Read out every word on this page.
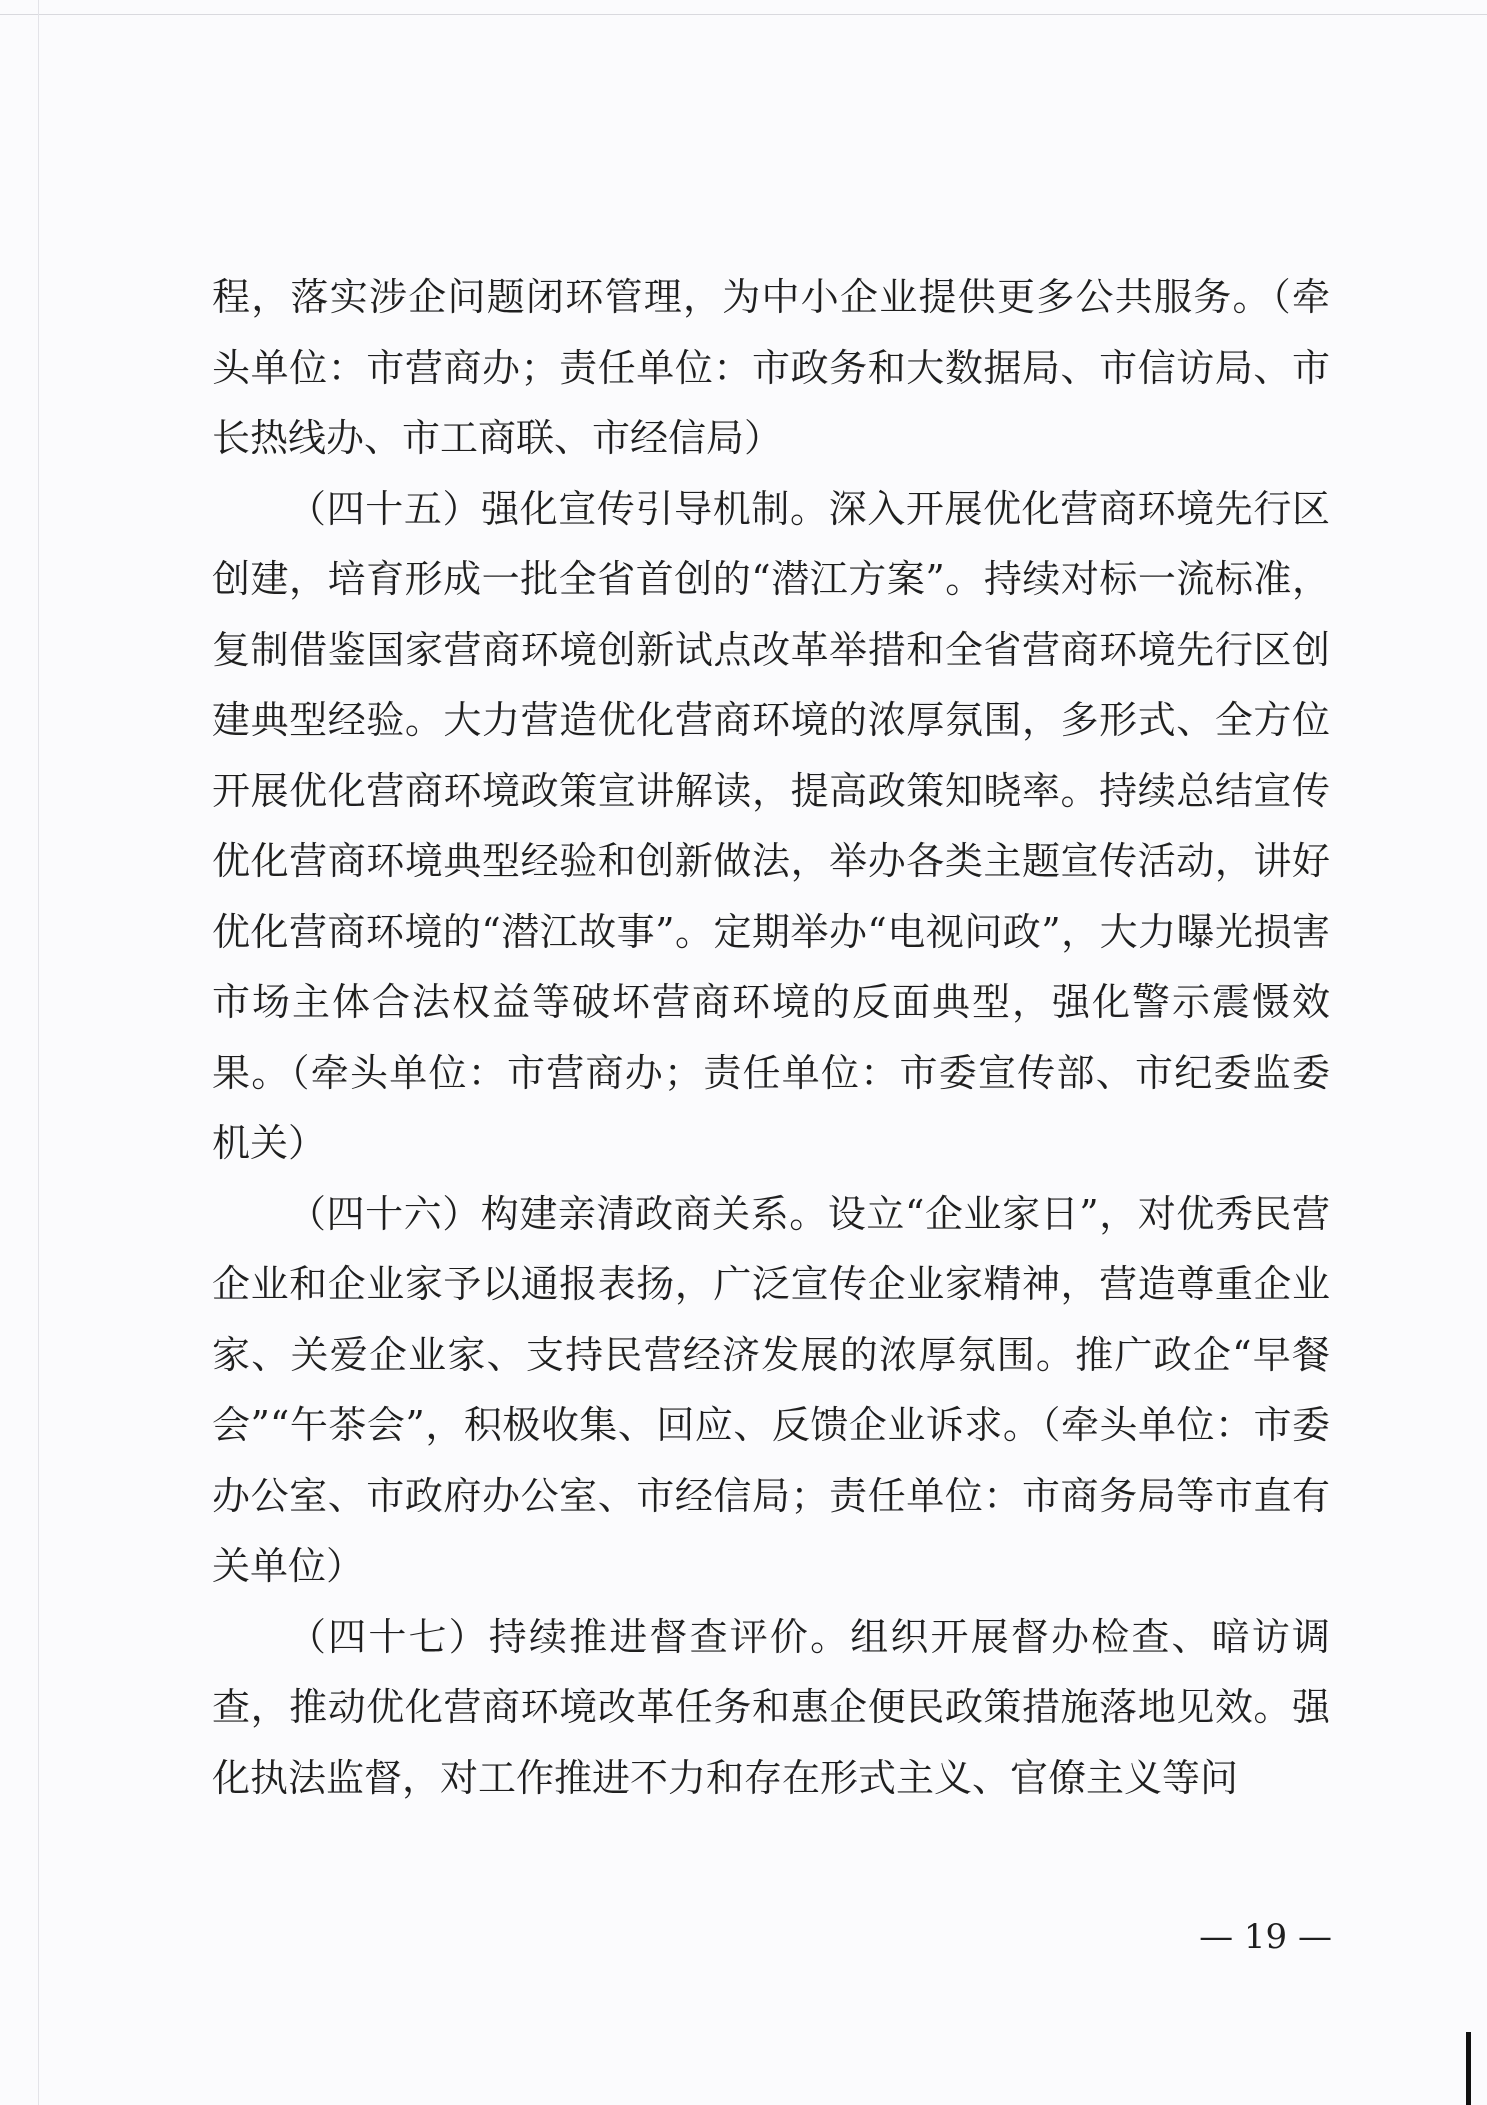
程，落实涉企问题闭环管理，为中小企业提供更多公共服务。（牵头单位：市营商办；责任单位：市政务和大数据局、市信访局、市长热线办、市工商联、市经信局）

（四十五）强化宣传引导机制。深入开展优化营商环境先行区创建，培育形成一批全省首创的“潜江方案”。持续对标一流标准，复制借鉴国家营商环境创新试点改革举措和全省营商环境先行区创建典型经验。大力营造优化营商环境的浓厚氛围，多形式、全方位开展优化营商环境政策宣讲解读，提高政策知晓率。持续总结宣传优化营商环境典型经验和创新做法，举办各类主题宣传活动，讲好优化营商环境的“潜江故事”。定期举办“电视问政”，大力曝光损害市场主体合法权益等破坏营商环境的反面典型，强化警示震慑效果。（牵头单位：市营商办；责任单位：市委宣传部、市纪委监委机关）

（四十六）构建亲清政商关系。设立“企业家日”，对优秀民营企业和企业家予以通报表扬，广泛宣传企业家精神，营造尊重企业家、关爱企业家、支持民营经济发展的浓厚氛围。推广政企“早餐会”“午茶会”，积极收集、回应、反馈企业诉求。（牵头单位：市委办公室、市政府办公室、市经信局；责任单位：市商务局等市直有关单位）

（四十七）持续推进督查评价。组织开展督办检查、暗访调查，推动优化营商环境改革任务和惠企便民政策措施落地见效。强化执法监督，对工作推进不力和存在形式主义、官僚主义等问

— 19 —
